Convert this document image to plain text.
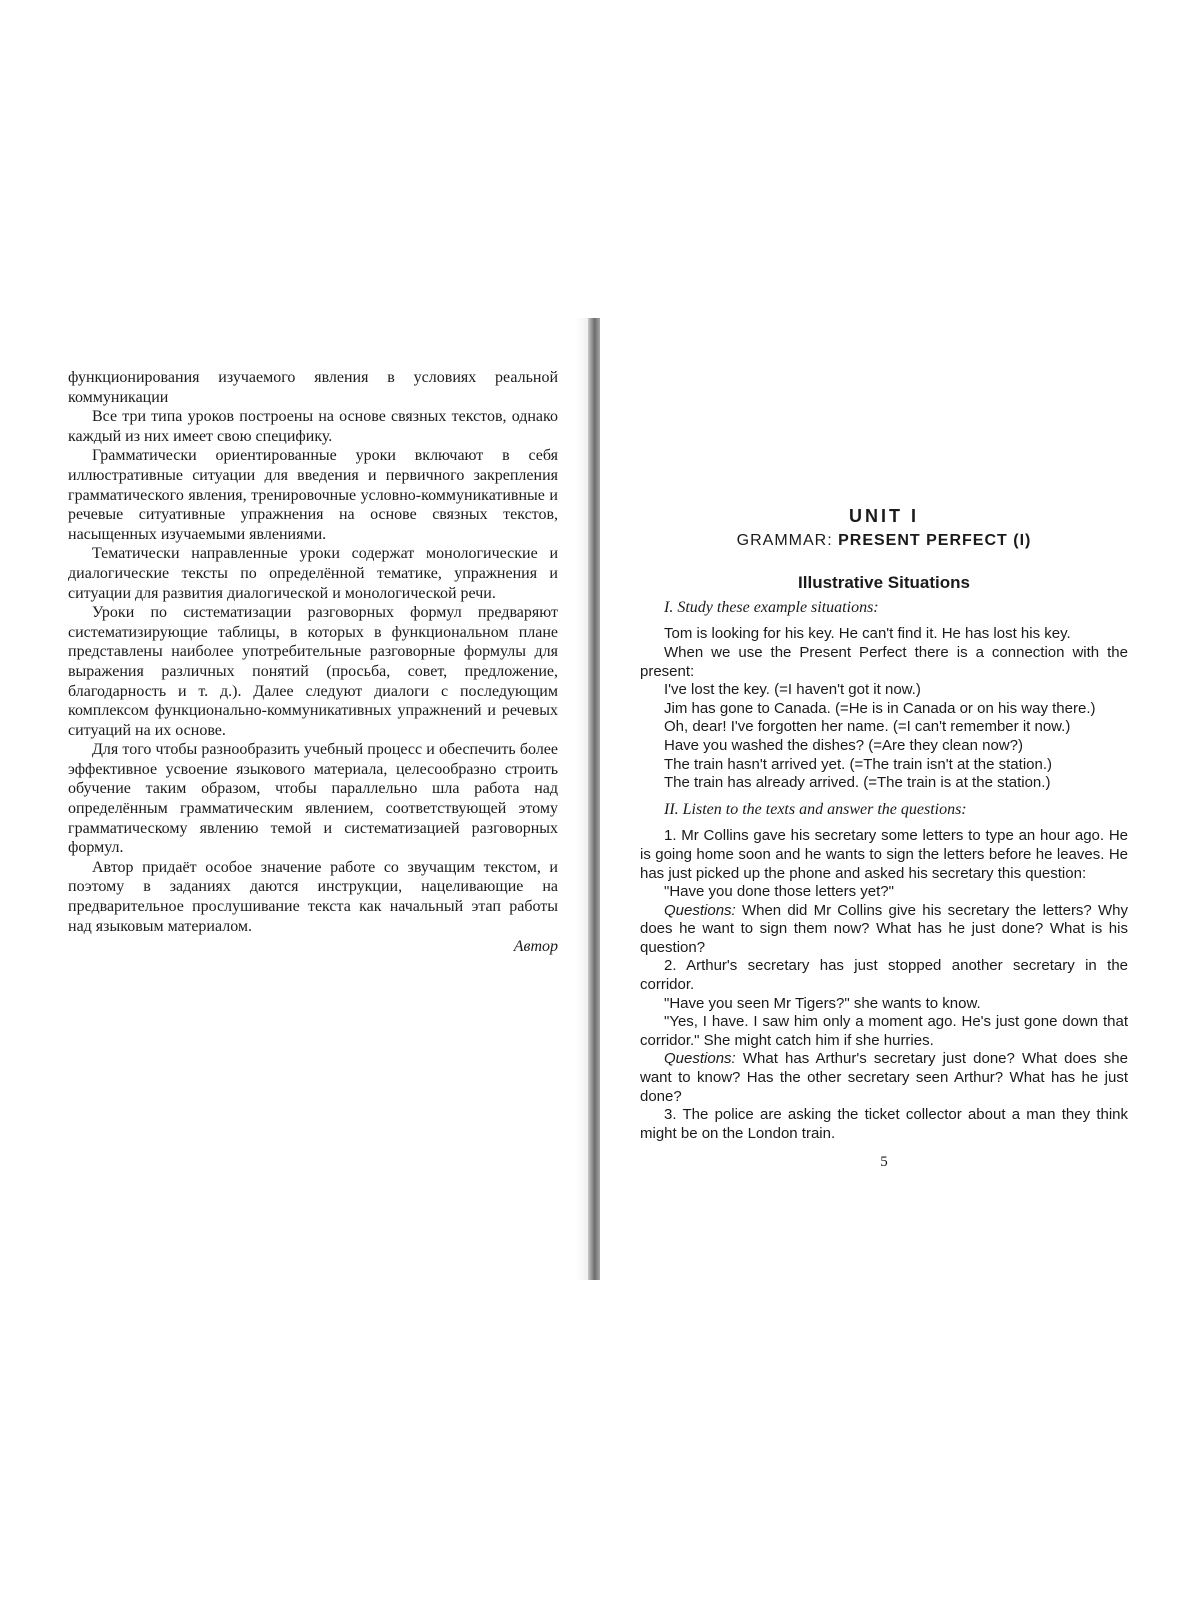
функционирования изучаемого явления в условиях реальной коммуникации

Все три типа уроков построены на основе связных текстов, однако каждый из них имеет свою специфику.

Грамматически ориентированные уроки включают в себя иллюстративные ситуации для введения и первичного закрепления грамматического явления, тренировочные условно-коммуникативные и речевые ситуативные упражнения на основе связных текстов, насыщенных изучаемыми явлениями.

Тематически направленные уроки содержат монологические и диалогические тексты по определённой тематике, упражнения и ситуации для развития диалогической и монологической речи.

Уроки по систематизации разговорных формул предваряют систематизирующие таблицы, в которых в функциональном плане представлены наиболее употребительные разговорные формулы для выражения различных понятий (просьба, совет, предложение, благодарность и т. д.). Далее следуют диалоги с последующим комплексом функционально-коммуникативных упражнений и речевых ситуаций на их основе.

Для того чтобы разнообразить учебный процесс и обеспечить более эффективное усвоение языкового материала, целесообразно строить обучение таким образом, чтобы параллельно шла работа над определённым грамматическим явлением, соответствующей этому грамматическому явлению темой и систематизацией разговорных формул.

Автор придаёт особое значение работе со звучащим текстом, и поэтому в заданиях даются инструкции, нацеливающие на предварительное прослушивание текста как начальный этап работы над языковым материалом.

Автор
UNIT I
GRAMMAR: PRESENT PERFECT (I)
Illustrative Situations

I. Study these example situations:

Tom is looking for his key. He can't find it. He has lost his key.

When we use the Present Perfect there is a connection with the present:

I've lost the key. (=I haven't got it now.)

Jim has gone to Canada. (=He is in Canada or on his way there.)

Oh, dear! I've forgotten her name. (=I can't remember it now.)

Have you washed the dishes? (=Are they clean now?)

The train hasn't arrived yet. (=The train isn't at the station.)

The train has already arrived. (=The train is at the station.)

II. Listen to the texts and answer the questions:

1. Mr Collins gave his secretary some letters to type an hour ago. He is going home soon and he wants to sign the letters before he leaves. He has just picked up the phone and asked his secretary this question:

"Have you done those letters yet?"

Questions: When did Mr Collins give his secretary the letters? Why does he want to sign them now? What has he just done? What is his question?

2. Arthur's secretary has just stopped another secretary in the corridor.

"Have you seen Mr Tigers?" she wants to know.

"Yes, I have. I saw him only a moment ago. He's just gone down that corridor." She might catch him if she hurries.

Questions: What has Arthur's secretary just done? What does she want to know? Has the other secretary seen Arthur? What has he just done?

3. The police are asking the ticket collector about a man they think might be on the London train.

5
